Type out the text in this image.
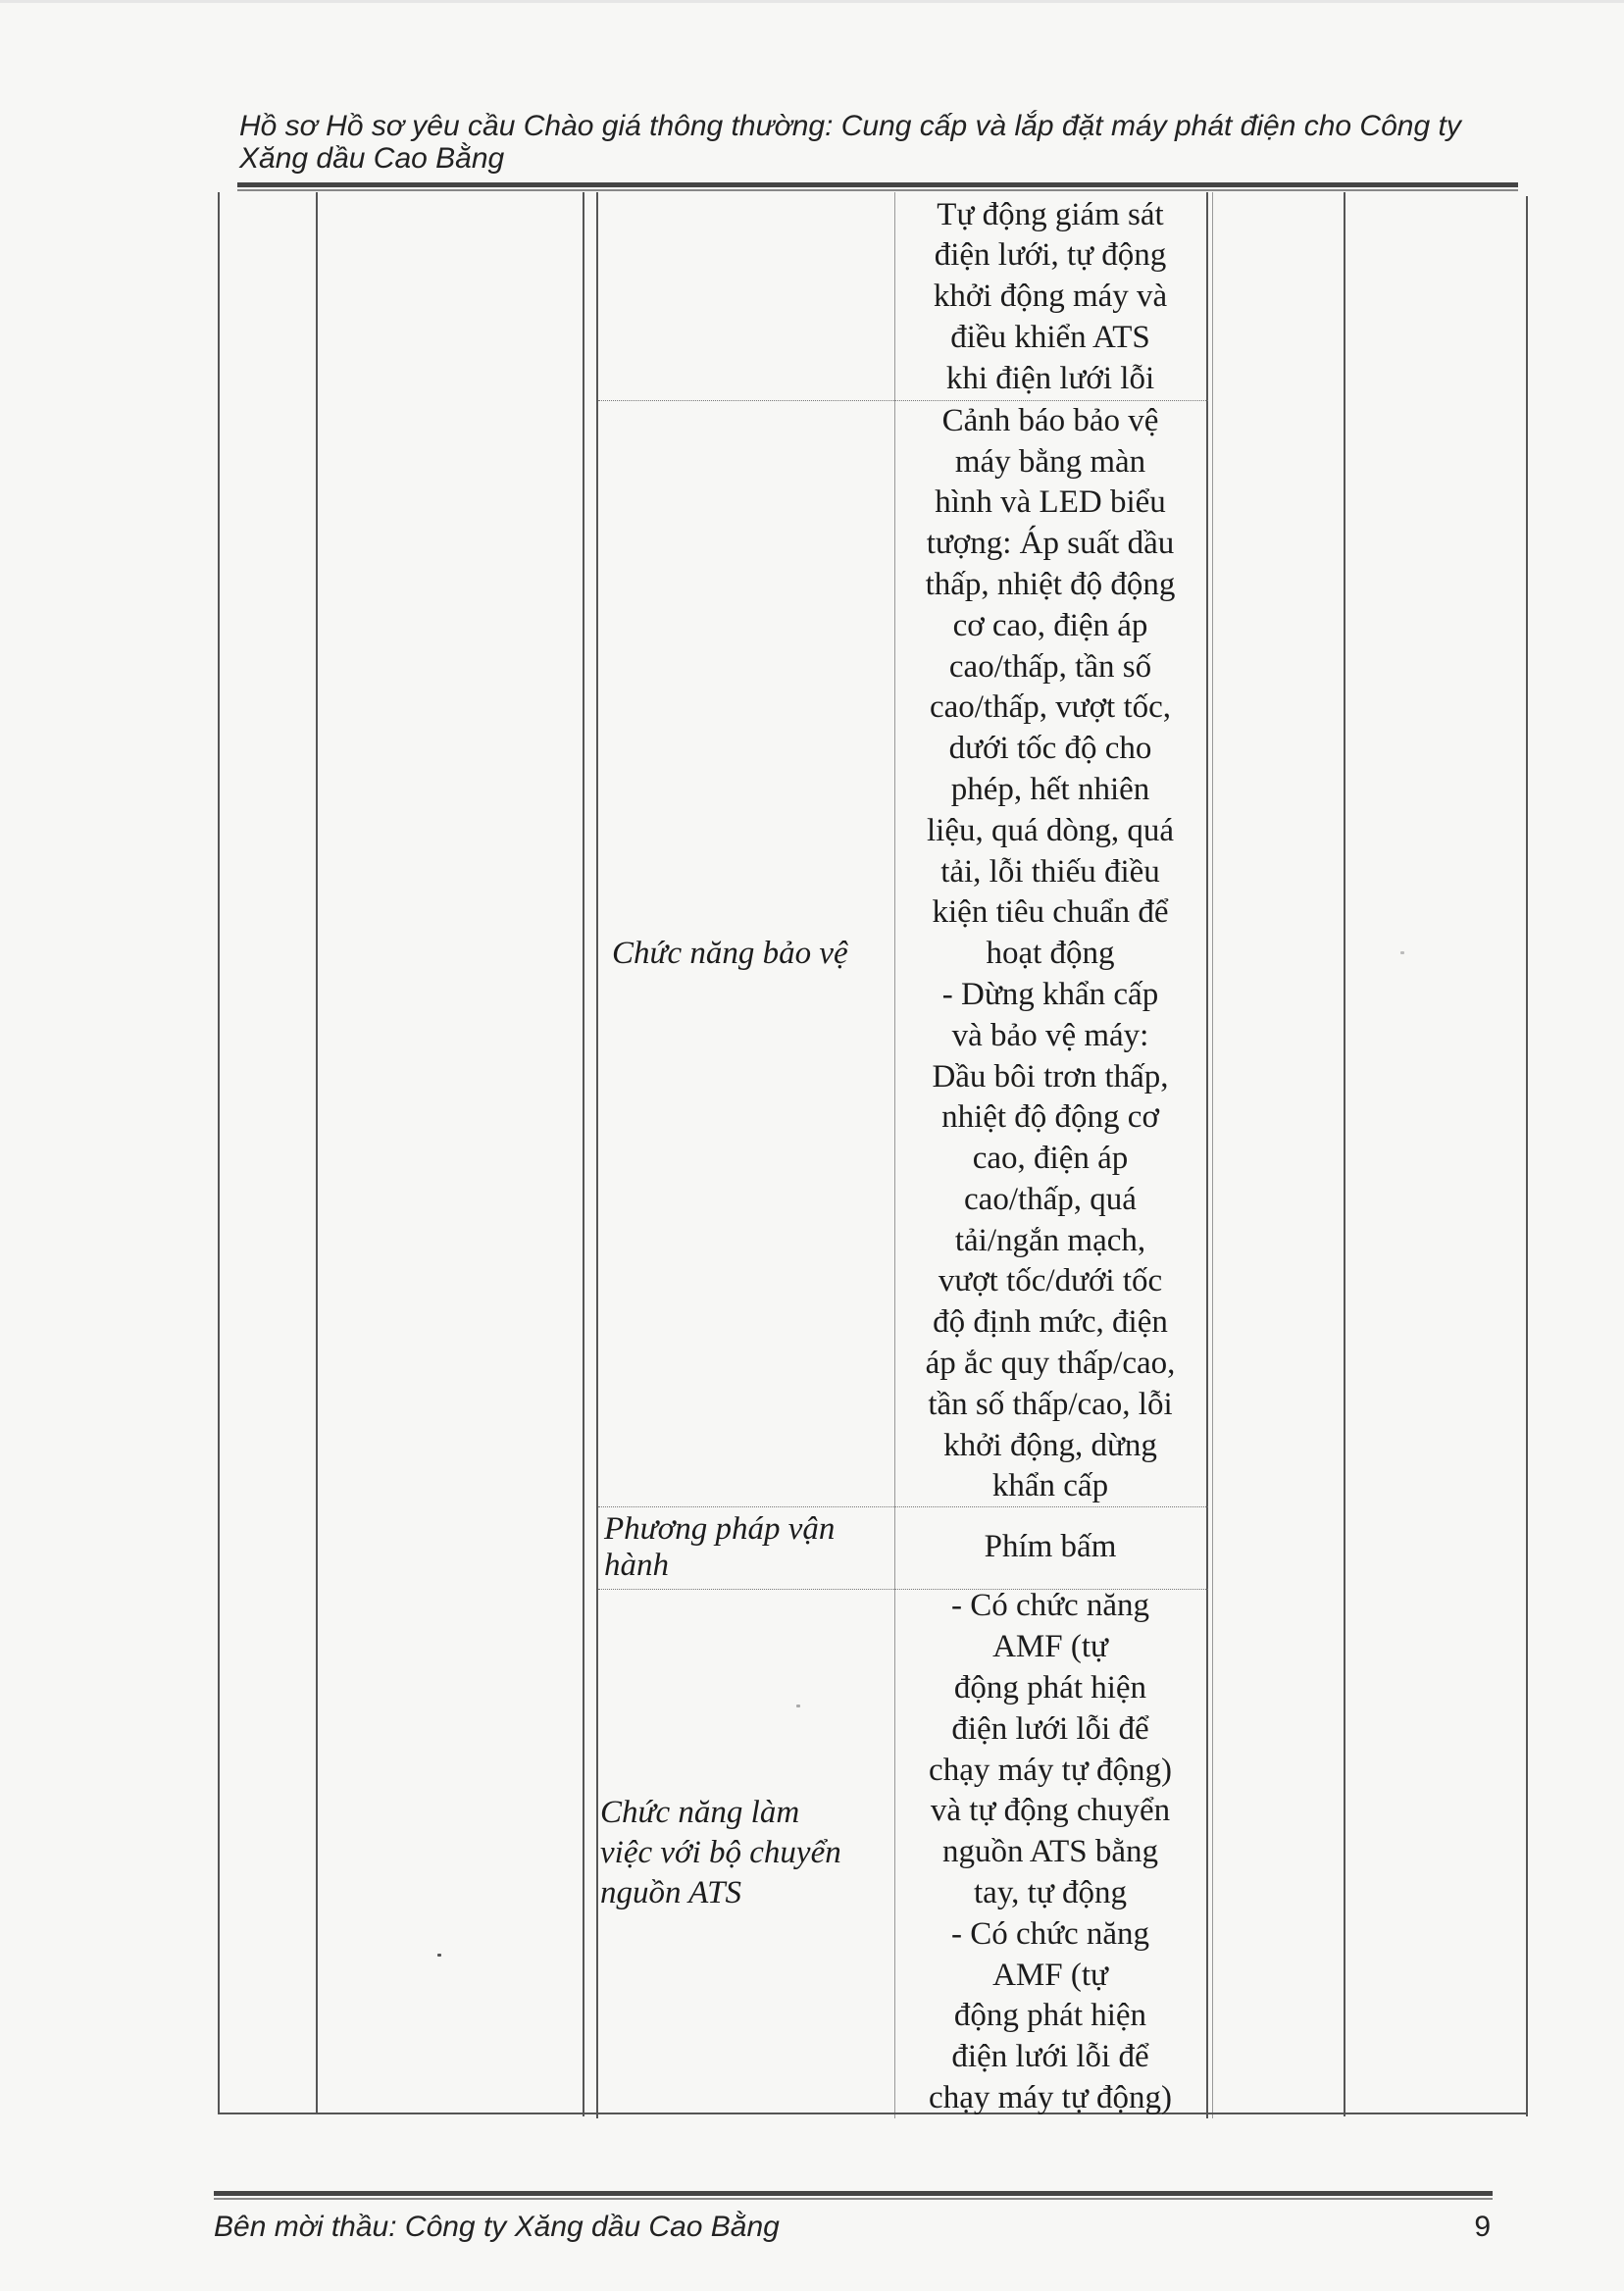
Hồ sơ Hồ sơ yêu cầu Chào giá thông thường: Cung cấp và lắp đặt máy phát điện cho Công ty
Xăng dầu Cao Bằng
Tự động giám sát
điện lưới, tự động
khởi động máy và
điều khiển ATS
khi điện lưới lỗi
Chức năng bảo vệ
Cảnh báo bảo vệ
máy bằng màn
hình và LED biểu
tượng: Áp suất dầu
thấp, nhiệt độ động
cơ cao, điện áp
cao/thấp, tần số
cao/thấp, vượt tốc,
dưới tốc độ cho
phép, hết nhiên
liệu, quá dòng, quá
tải, lỗi thiếu điều
kiện tiêu chuẩn để
hoạt động
- Dừng khẩn cấp
và bảo vệ máy:
Dầu bôi trơn thấp,
nhiệt độ động cơ
cao, điện áp
cao/thấp, quá
tải/ngắn mạch,
vượt tốc/dưới tốc
độ định mức, điện
áp ắc quy thấp/cao,
tần số thấp/cao, lỗi
khởi động, dừng
khẩn cấp
Phương pháp vận
hành
Phím bấm
Chức năng làm
việc với bộ chuyển
nguồn ATS
- Có chức năng
AMF (tự
động phát hiện
điện lưới lỗi để
chạy máy tự động)
và tự động chuyển
nguồn ATS bằng
tay, tự động
- Có chức năng
AMF (tự
động phát hiện
điện lưới lỗi để
chạy máy tự động)
Bên mời thầu: Công ty Xăng dầu Cao Bằng	9
